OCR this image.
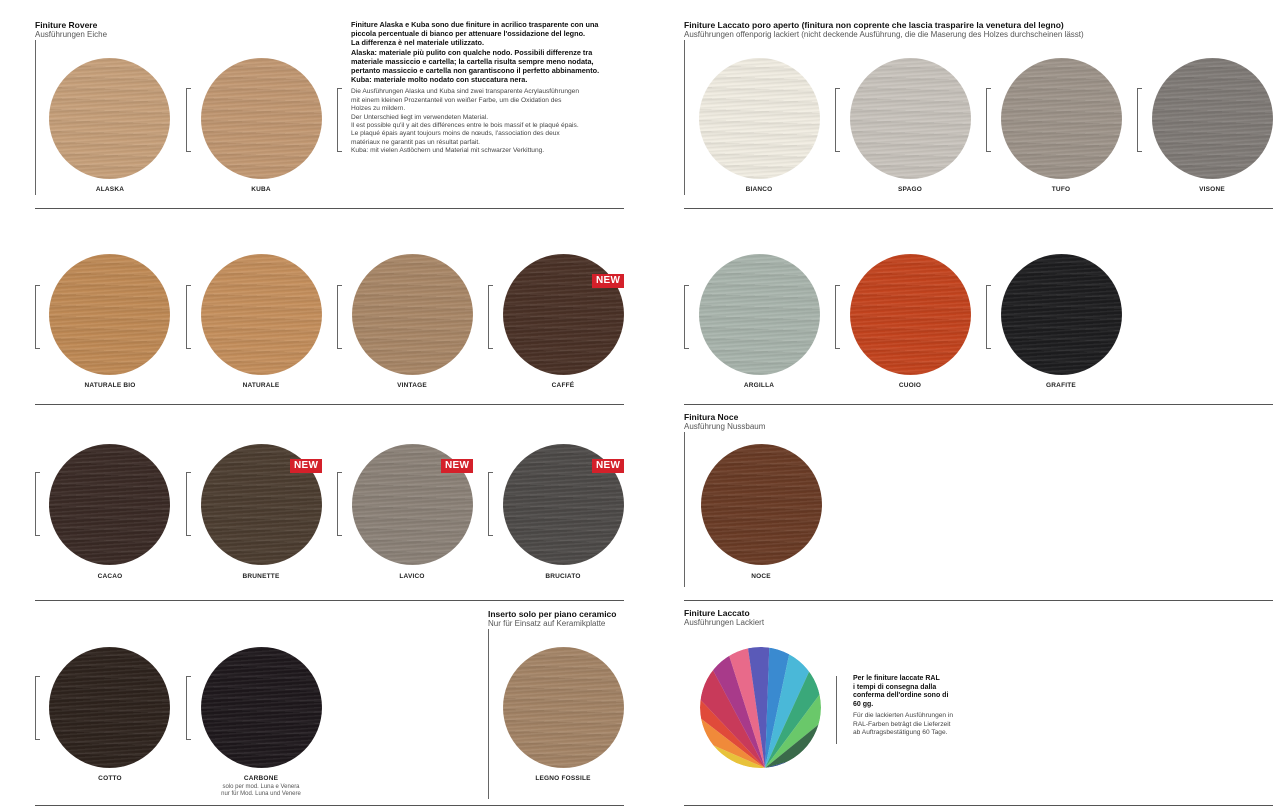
Finiture Rovere
Ausführungen Eiche

Finiture Alaska e Kuba sono due finiture in acrilico trasparente con una

piccola percentuale di bianco per attenuare l'ossidazione del legno.

La differenza è nel materiale utilizzato.

Alaska: materiale più pulito con qualche nodo. Possibili differenze tra

materiale massiccio e cartella; la cartella risulta sempre meno nodata,

pertanto massiccio e cartella non garantiscono il perfetto abbinamento.

Kuba: materiale molto nodato con stuccatura nera.

Die Ausführungen Alaska und Kuba sind zwei transparente Acrylausführungen

mit einem kleinen Prozentanteil von weißer Farbe, um die Oxidation des

Holzes zu mildern.

Der Unterschied liegt im verwendeten Material.

Il est possible qu'il y ait des différences entre le bois massif et le plaqué épais.

Le plaqué épais ayant toujours moins de nœuds, l'association des deux

matériaux ne garantit pas un résultat parfait.

Kuba: mit vielen Astlöchern und Material mit schwarzer Verkittung.

Inserto solo per piano ceramico
Nur für Einsatz auf Keramikplatte
Finiture Laccato poro aperto (finitura non coprente che lascia trasparire la venetura del legno)
Ausführungen offenporig lackiert (nicht deckende Ausführung, die die Maserung des Holzes durchscheinen lässt)
Finitura Noce
Ausführung Nussbaum
Finiture Laccato
Ausführungen Lackiert

Per le finiture laccate RAL

i tempi di consegna dalla

conferma dell'ordine sono di

60 gg.

Für die lackierten Ausführungen in

RAL-Farben beträgt die Lieferzeit

ab Auftragsbestätigung 60 Tage.

ALASKA	KUBA
NATURALE BIO	NATURALE	VINTAGE	CAFFÉ
NEW
CACAO	BRUNETTE
NEW
LAVICO
NEW
BRUCIATO
NEW
COTTO	CARBONE
solo per mod. Luna e Venera
nur für Mod. Luna und Venere
LEGNO FOSSILE
BIANCO	SPAGO	TUFO	VISONE
ARGILLA	CUOIO	GRAFITE
NOCE
